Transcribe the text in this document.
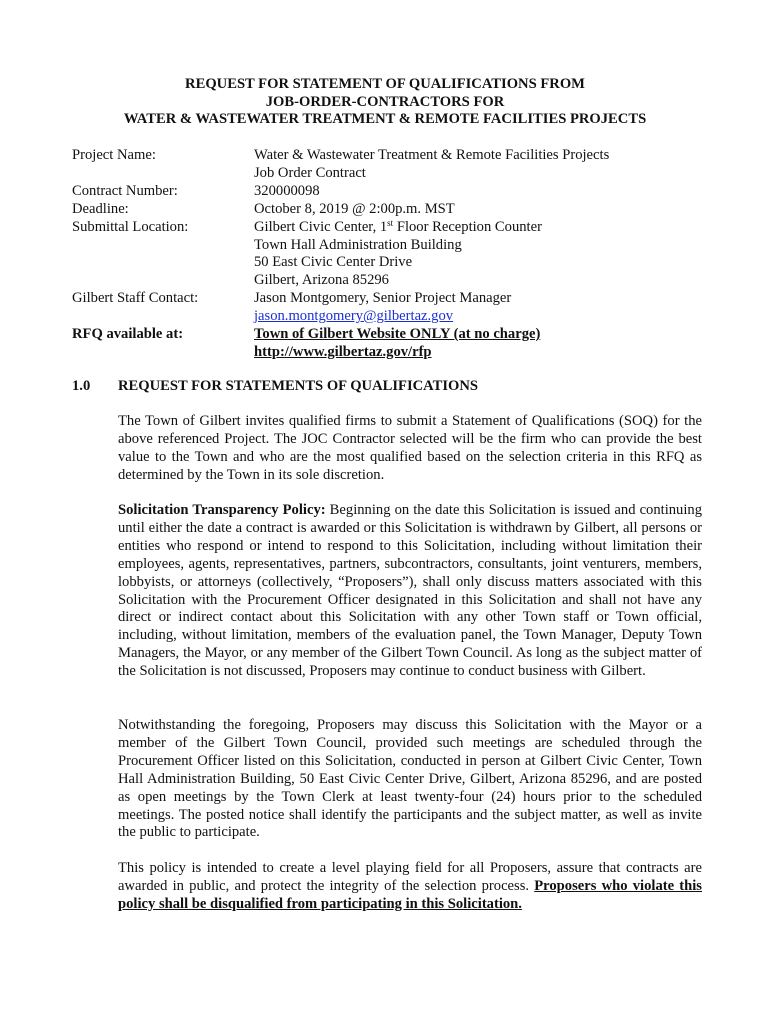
REQUEST FOR STATEMENT OF QUALIFICATIONS FROM
JOB-ORDER-CONTRACTORS FOR
WATER & WASTEWATER TREATMENT & REMOTE FACILITIES PROJECTS
Project Name:	Water & Wastewater Treatment & Remote Facilities Projects
Job Order Contract
Contract Number:	320000098
Deadline:	October 8, 2019 @ 2:00p.m. MST
Submittal Location:	Gilbert Civic Center, 1st Floor Reception Counter
Town Hall Administration Building
50 East Civic Center Drive
Gilbert, Arizona 85296
Gilbert Staff Contact:	Jason Montgomery, Senior Project Manager
jason.montgomery@gilbertaz.gov
RFQ available at:	Town of Gilbert Website ONLY (at no charge)
http://www.gilbertaz.gov/rfp
1.0 REQUEST FOR STATEMENTS OF QUALIFICATIONS

The Town of Gilbert invites qualified firms to submit a Statement of Qualifications (SOQ) for the above referenced Project. The JOC Contractor selected will be the firm who can provide the best value to the Town and who are the most qualified based on the selection criteria in this RFQ as determined by the Town in its sole discretion.

Solicitation Transparency Policy: Beginning on the date this Solicitation is issued and continuing until either the date a contract is awarded or this Solicitation is withdrawn by Gilbert, all persons or entities who respond or intend to respond to this Solicitation, including without limitation their employees, agents, representatives, partners, subcontractors, consultants, joint venturers, members, lobbyists, or attorneys (collectively, “Proposers”), shall only discuss matters associated with this Solicitation with the Procurement Officer designated in this Solicitation and shall not have any direct or indirect contact about this Solicitation with any other Town staff or Town official, including, without limitation, members of the evaluation panel, the Town Manager, Deputy Town Managers, the Mayor, or any member of the Gilbert Town Council. As long as the subject matter of the Solicitation is not discussed, Proposers may continue to conduct business with Gilbert.

Notwithstanding the foregoing, Proposers may discuss this Solicitation with the Mayor or a member of the Gilbert Town Council, provided such meetings are scheduled through the Procurement Officer listed on this Solicitation, conducted in person at Gilbert Civic Center, Town Hall Administration Building, 50 East Civic Center Drive, Gilbert, Arizona 85296, and are posted as open meetings by the Town Clerk at least twenty-four (24) hours prior to the scheduled meetings. The posted notice shall identify the participants and the subject matter, as well as invite the public to participate.

This policy is intended to create a level playing field for all Proposers, assure that contracts are awarded in public, and protect the integrity of the selection process. Proposers who violate this policy shall be disqualified from participating in this Solicitation.
